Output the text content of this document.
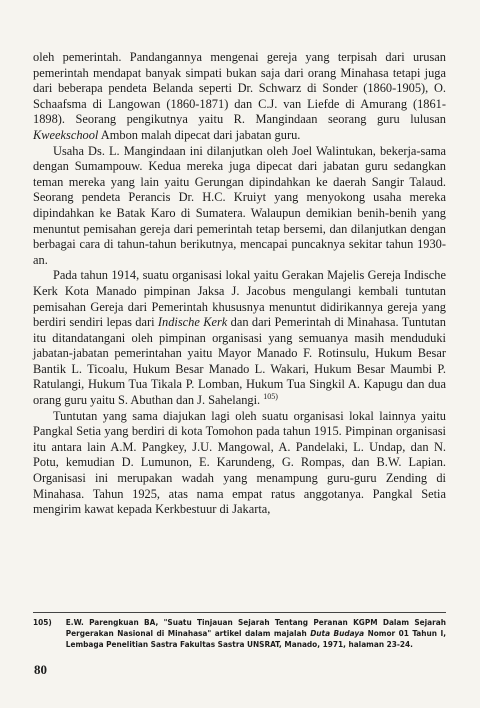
oleh pemerintah. Pandangannya mengenai gereja yang terpisah dari urusan pemerintah mendapat banyak simpati bukan saja dari orang Minahasa tetapi juga dari beberapa pendeta Belanda seperti Dr. Schwarz di Sonder (1860-1905), O. Schaafsma di Langowan (1860-1871) dan C.J. van Liefde di Amurang (1861-1898). Seorang pengikutnya yaitu R. Mangindaan seorang guru lulusan Kweekschool Ambon malah dipecat dari jabatan guru.

Usaha Ds. L. Mangindaan ini dilanjutkan oleh Joel Walintukan, bekerja-sama dengan Sumampouw. Kedua mereka juga dipecat dari jabatan guru sedangkan teman mereka yang lain yaitu Gerungan dipindahkan ke daerah Sangir Talaud. Seorang pendeta Perancis Dr. H.C. Kruiyt yang menyokong usaha mereka dipindahkan ke Batak Karo di Sumatera. Walaupun demikian benih-benih yang menuntut pemisahan gereja dari pemerintah tetap bersemi, dan dilanjutkan dengan berbagai cara di tahun-tahun berikutnya, mencapai puncaknya sekitar tahun 1930-an.

Pada tahun 1914, suatu organisasi lokal yaitu Gerakan Majelis Gereja Indische Kerk Kota Manado pimpinan Jaksa J. Jacobus mengulangi kembali tuntutan pemisahan Gereja dari Pemerintah khususnya menuntut didirikannya gereja yang berdiri sendiri lepas dari Indische Kerk dan dari Pemerintah di Minahasa. Tuntutan itu ditandatangani oleh pimpinan organisasi yang semuanya masih menduduki jabatan-jabatan pemerintahan yaitu Mayor Manado F. Rotinsulu, Hukum Besar Bantik L. Ticoalu, Hukum Besar Manado L. Wakari, Hukum Besar Maumbi P. Ratulangi, Hukum Tua Tikala P. Lomban, Hukum Tua Singkil A. Kapugu dan dua orang guru yaitu S. Abuthan dan J. Sahelangi. $^{105)}$

Tuntutan yang sama diajukan lagi oleh suatu organisasi lokal lainnya yaitu Pangkal Setia yang berdiri di kota Tomohon pada tahun 1915. Pimpinan organisasi itu antara lain A.M. Pangkey, J.U. Mangowal, A. Pandelaki, L. Undap, dan N. Potu, kemudian D. Lumunon, E. Karundeng, G. Rompas, dan B.W. Lapian. Organisasi ini merupakan wadah yang menampung guru-guru Zending di Minahasa. Tahun 1925, atas nama empat ratus anggotanya. Pangkal Setia mengirim kawat kepada Kerkbestuur di Jakarta,

105) E.W. Parengkuan BA, "Suatu Tinjauan Sejarah Tentang Peranan KGPM Dalam Sejarah Pergerakan Nasional di Minahasa" artikel dalam majalah Duta Budaya Nomor 01 Tahun I, Lembaga Penelitian Sastra Fakultas Sastra UNSRAT, Manado, 1971, halaman 23-24.
80
